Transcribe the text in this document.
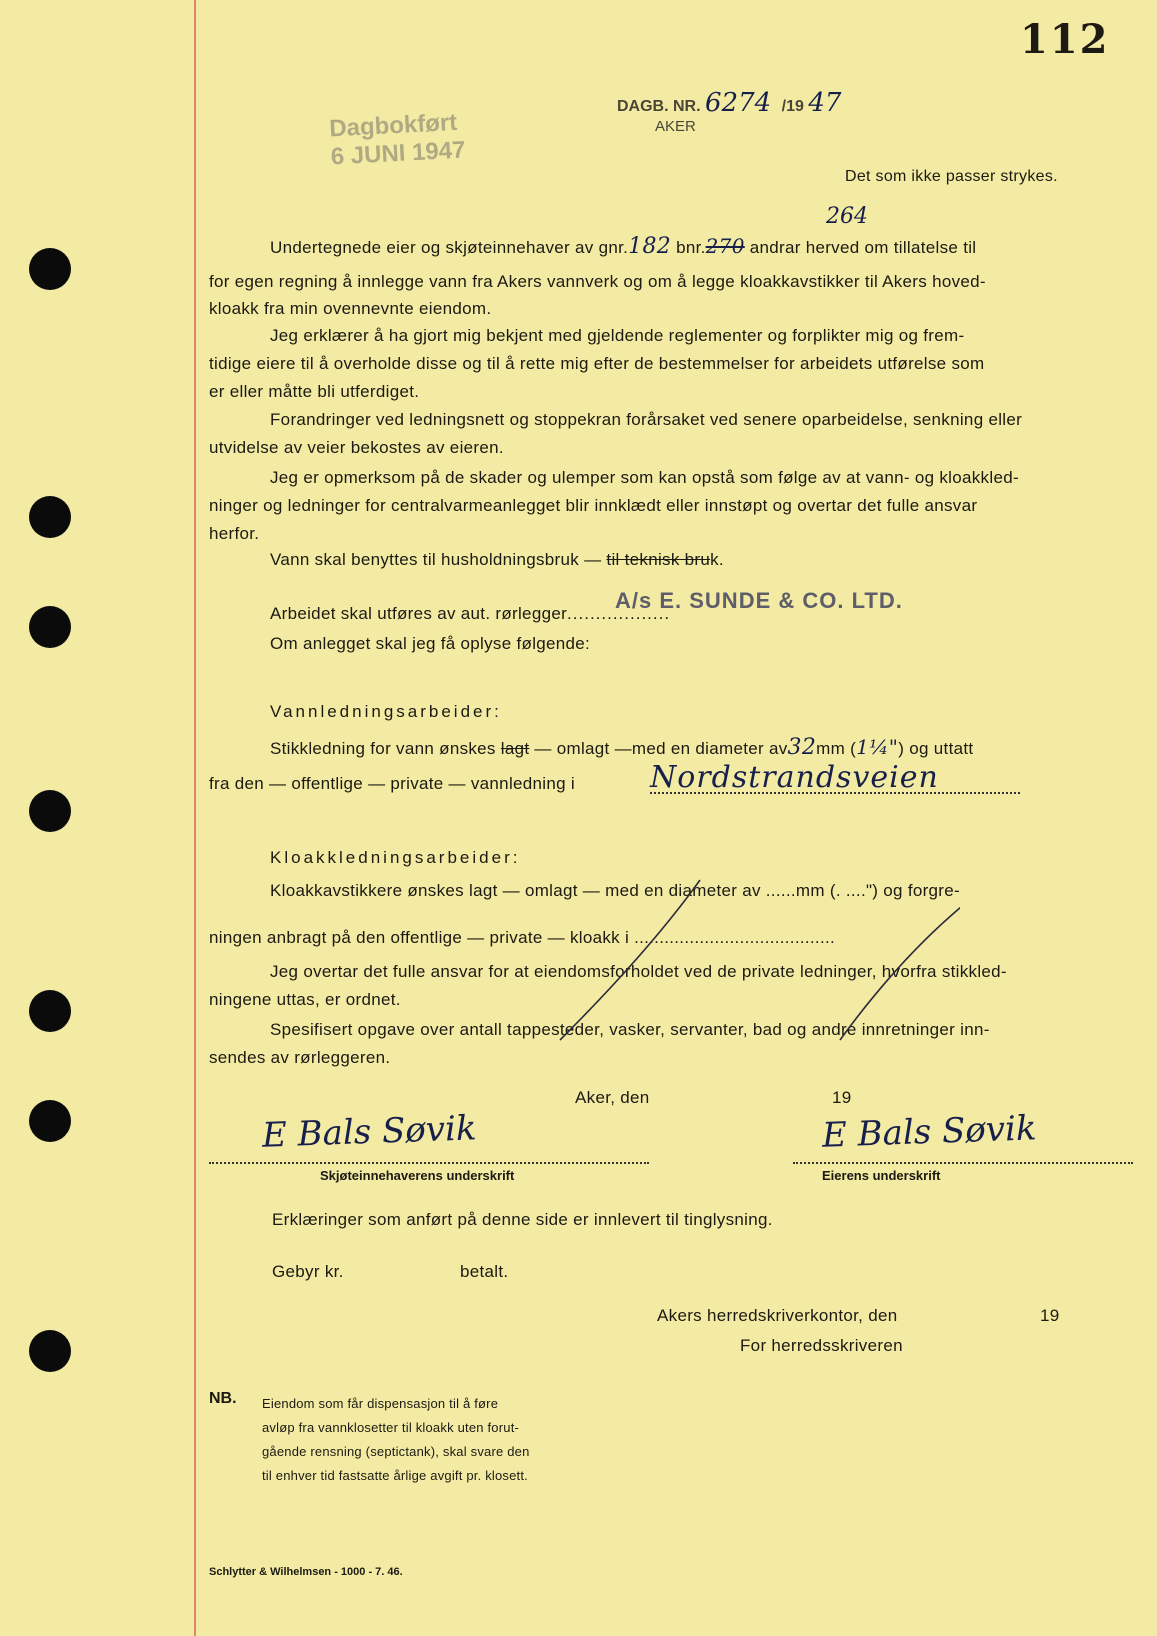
112
Dagbokført
6 JUNI 1947
DAGB. NR. 6274 /19 47
AKER
Det som ikke passer strykes.
Undertegnede eier og skjøteinnehaver av gnr.182 bnr.270 andrar herved om tillatelse til
264
for egen regning å innlegge vann fra Akers vannverk og om å legge kloakkavstikker til Akers hoved-
kloakk fra min ovennevnte eiendom.
Jeg erklærer å ha gjort mig bekjent med gjeldende reglementer og forplikter mig og frem-
tidige eiere til å overholde disse og til å rette mig efter de bestemmelser for arbeidets utførelse som
er eller måtte bli utferdiget.
Forandringer ved ledningsnett og stoppekran forårsaket ved senere oparbeidelse, senkning eller
utvidelse av veier bekostes av eieren.
Jeg er opmerksom på de skader og ulemper som kan opstå som følge av at vann- og kloakkled-
ninger og ledninger for centralvarmeanlegget blir innklædt eller innstøpt og overtar det fulle ansvar
herfor.
Vann skal benyttes til husholdningsbruk — til teknisk bruk.
Arbeidet skal utføres av aut. rørlegger..................
A/s E. SUNDE & CO. LTD.
Om anlegget skal jeg få oplyse følgende:
Vannledningsarbeider:
Stikkledning for vann ønskes lagt — omlagt —med en diameter av32mm (1¼") og uttatt
fra den — offentlige — private — vannledning i	Nordstrandsveien
Kloakkledningsarbeider:
Kloakkavstikkere ønskes lagt — omlagt — med en diameter av ......mm (. ....") og forgre-
ningen anbragt på den offentlige — private — kloakk i ........................................
Jeg overtar det fulle ansvar for at eiendomsforholdet ved de private ledninger, hvorfra stikkled-
ningene uttas, er ordnet.
Spesifisert opgave over antall tappesteder, vasker, servanter, bad og andre innretninger inn-
sendes av rørleggeren.
Aker, den	19
E Bals Søvik
Skjøteinnehaverens underskrift
E Bals Søvik
Eierens underskrift
Erklæringer som anført på denne side er innlevert til tinglysning.
Gebyr kr.	betalt.
Akers herredskriverkontor, den	19
For herredsskriveren
NB. Eiendom som får dispensasjon til å føre
avløp fra vannklosetter til kloakk uten forut-
gående rensning (septictank), skal svare den
til enhver tid fastsatte årlige avgift pr. klosett.
Schlytter & Wilhelmsen - 1000 - 7. 46.
